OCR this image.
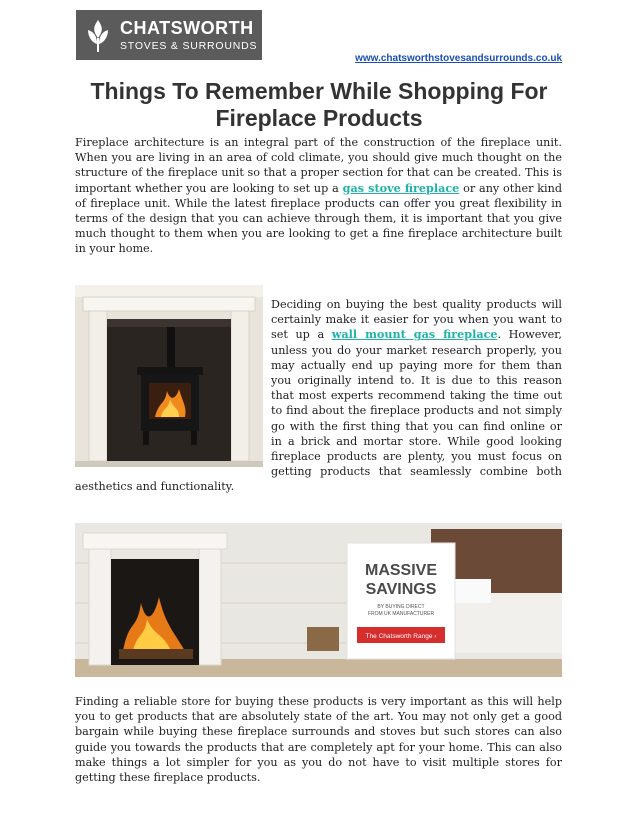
CHATSWORTH
STOVES & SURROUNDS
www.chatsworthstovesandsurrounds.co.uk
Things To Remember While Shopping For Fireplace Products

Fireplace architecture is an integral part of the construction of the fireplace unit. When you are living in an area of cold climate, you should give much thought on the structure of the fireplace unit so that a proper section for that can be created. This is important whether you are looking to set up a gas stove fireplace or any other kind of fireplace unit. While the latest fireplace products can offer you great flexibility in terms of the design that you can achieve through them, it is important that you give much thought to them when you are looking to get a fine fireplace architecture built in your home.

Deciding on buying the best quality products will certainly make it easier for you when you want to set up a wall mount gas fireplace. However, unless you do your market research properly, you may actually end up paying more for them than you originally intend to. It is due to this reason that most experts recommend taking the time out to find about the fireplace products and not simply go with the first thing that you can find online or in a brick and mortar store. While good looking fireplace products are plenty, you must focus on getting products that seamlessly combine both aesthetics and functionality.

MASSIVE
SAVINGS
BY BUYING DIRECT
FROM UK MANUFACTURER
The Chatsworth Range ›

Finding a reliable store for buying these products is very important as this will help you to get products that are absolutely state of the art. You may not only get a good bargain while buying these fireplace surrounds and stoves but such stores can also guide you towards the products that are completely apt for your home. This can also make things a lot simpler for you as you do not have to visit multiple stores for getting these fireplace products.
